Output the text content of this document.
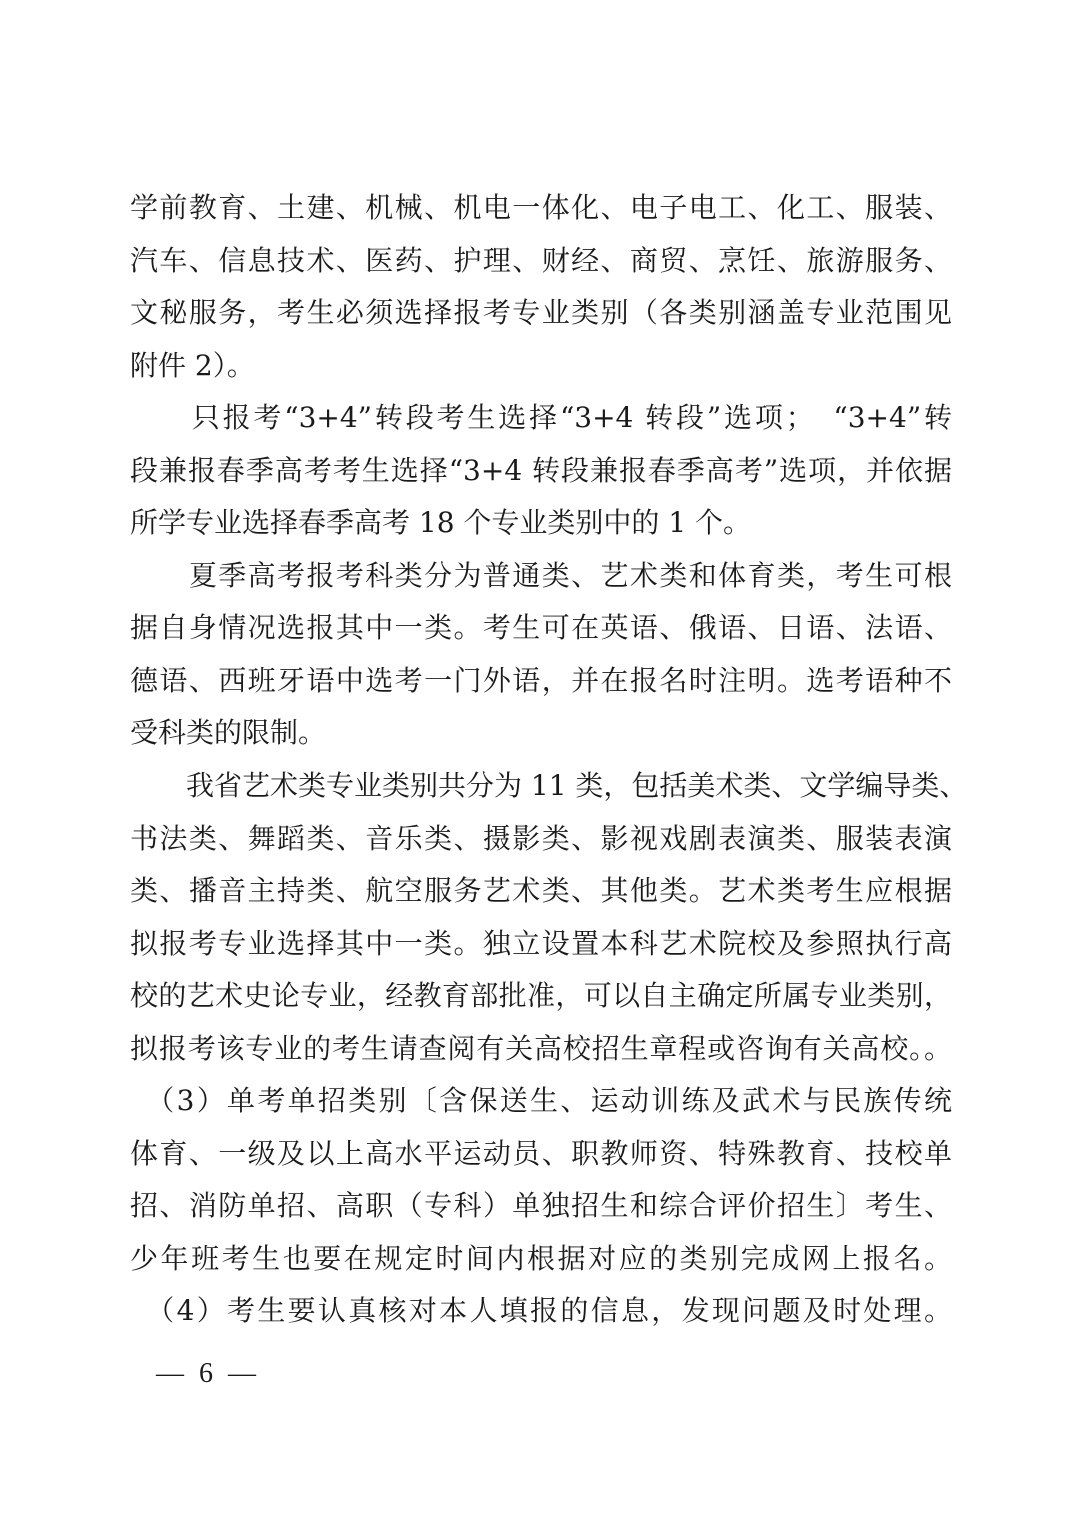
学前教育、土建、机械、机电一体化、电子电工、化工、服装、
汽车、信息技术、医药、护理、财经、商贸、烹饪、旅游服务、
文秘服务，考生必须选择报考专业类别（各类别涵盖专业范围见
附件 2）。
　　只报考“3+4”转段考生选择“3+4 转段”选项；　“3+4”转
段兼报春季高考考生选择“3+4 转段兼报春季高考”选项，并依据
所学专业选择春季高考 18 个专业类别中的 1 个。
　　夏季高考报考科类分为普通类、艺术类和体育类，考生可根
据自身情况选报其中一类。考生可在英语、俄语、日语、法语、
德语、西班牙语中选考一门外语，并在报名时注明。选考语种不
受科类的限制。
　　我省艺术类专业类别共分为 11 类，包括美术类、文学编导类、
书法类、舞蹈类、音乐类、摄影类、影视戏剧表演类、服装表演
类、播音主持类、航空服务艺术类、其他类。艺术类考生应根据
拟报考专业选择其中一类。独立设置本科艺术院校及参照执行高
校的艺术史论专业，经教育部批准，可以自主确定所属专业类别，
拟报考该专业的考生请查阅有关高校招生章程或咨询有关高校。。
　（3）单考单招类别〔含保送生、运动训练及武术与民族传统
体育、一级及以上高水平运动员、职教师资、特殊教育、技校单
招、消防单招、高职（专科）单独招生和综合评价招生〕考生、
少年班考生也要在规定时间内根据对应的类别完成网上报名。
　（4）考生要认真核对本人填报的信息，发现问题及时处理。
— 6 —
